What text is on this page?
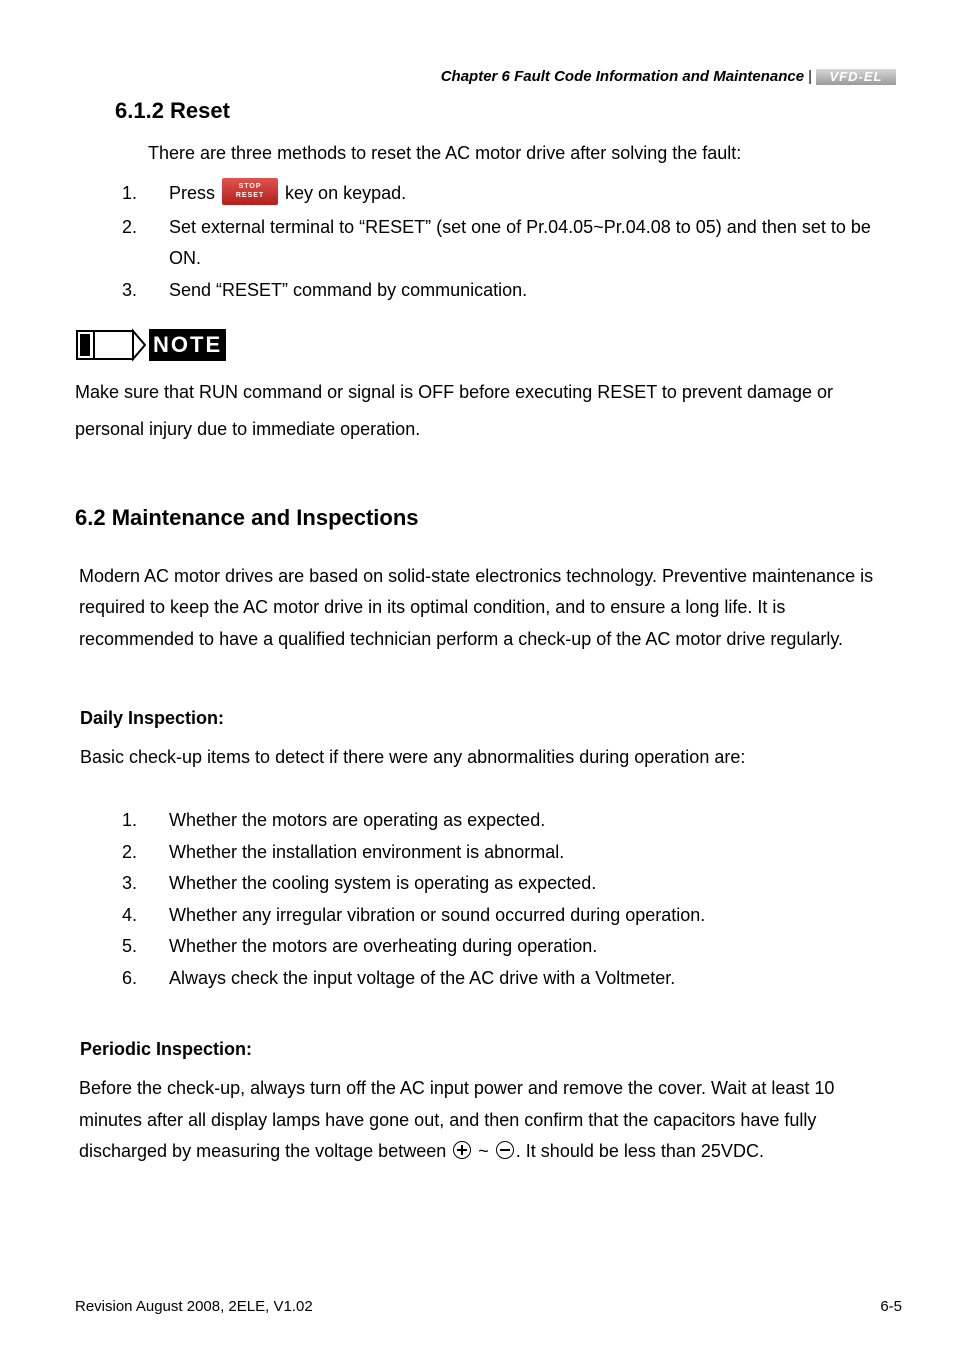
Chapter 6 Fault Code Information and Maintenance | VFD-EL
6.1.2 Reset
There are three methods to reset the AC motor drive after solving the fault:
1. Press	STOP
RESET	key on keypad.
2. Set external terminal to “RESET” (set one of Pr.04.05~Pr.04.08 to 05) and then set to be
ON.
3. Send “RESET” command by communication.
NOTE
Make sure that RUN command or signal is OFF before executing RESET to prevent damage or
personal injury due to immediate operation.
6.2 Maintenance and Inspections
Modern AC motor drives are based on solid-state electronics technology. Preventive maintenance is
required to keep the AC motor drive in its optimal condition, and to ensure a long life. It is
recommended to have a qualified technician perform a check-up of the AC motor drive regularly.
Daily Inspection:
Basic check-up items to detect if there were any abnormalities during operation are:
1. Whether the motors are operating as expected.
2. Whether the installation environment is abnormal.
3. Whether the cooling system is operating as expected.
4. Whether any irregular vibration or sound occurred during operation.
5. Whether the motors are overheating during operation.
6. Always check the input voltage of the AC drive with a Voltmeter.
Periodic Inspection:
Before the check-up, always turn off the AC input power and remove the cover. Wait at least 10
minutes after all display lamps have gone out, and then confirm that the capacitors have fully
discharged by measuring the voltage between ~ . It should be less than 25VDC.
Revision August 2008, 2ELE, V1.02	6-5
